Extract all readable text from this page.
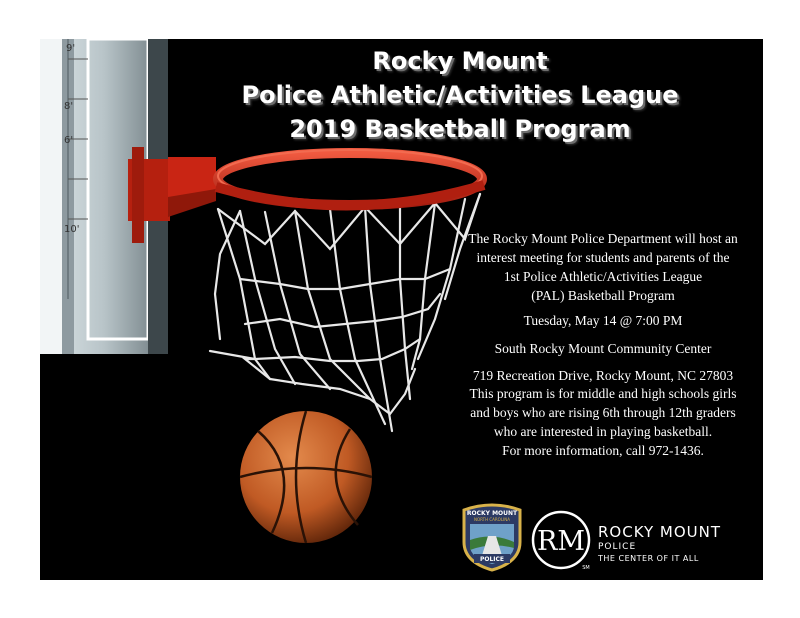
9'
8'
6'
10'
Rocky Mount
Police Athletic/Activities League
2019 Basketball Program
The Rocky Mount Police Department will host an
interest meeting for students and parents of the
1st Police Athletic/Activities League
(PAL) Basketball Program
Tuesday, May 14 @ 7:00 PM
South Rocky Mount Community Center
719 Recreation Drive, Rocky Mount, NC 27803
This program is for middle and high schools girls
and boys who are rising 6th through 12th graders
who are interested in playing basketball.
For more information, call 972-1436.
ROCKY MOUNT
NORTH CAROLINA
POLICE
RM
SM
ROCKY MOUNT
POLICE
THE CENTER OF IT ALL
